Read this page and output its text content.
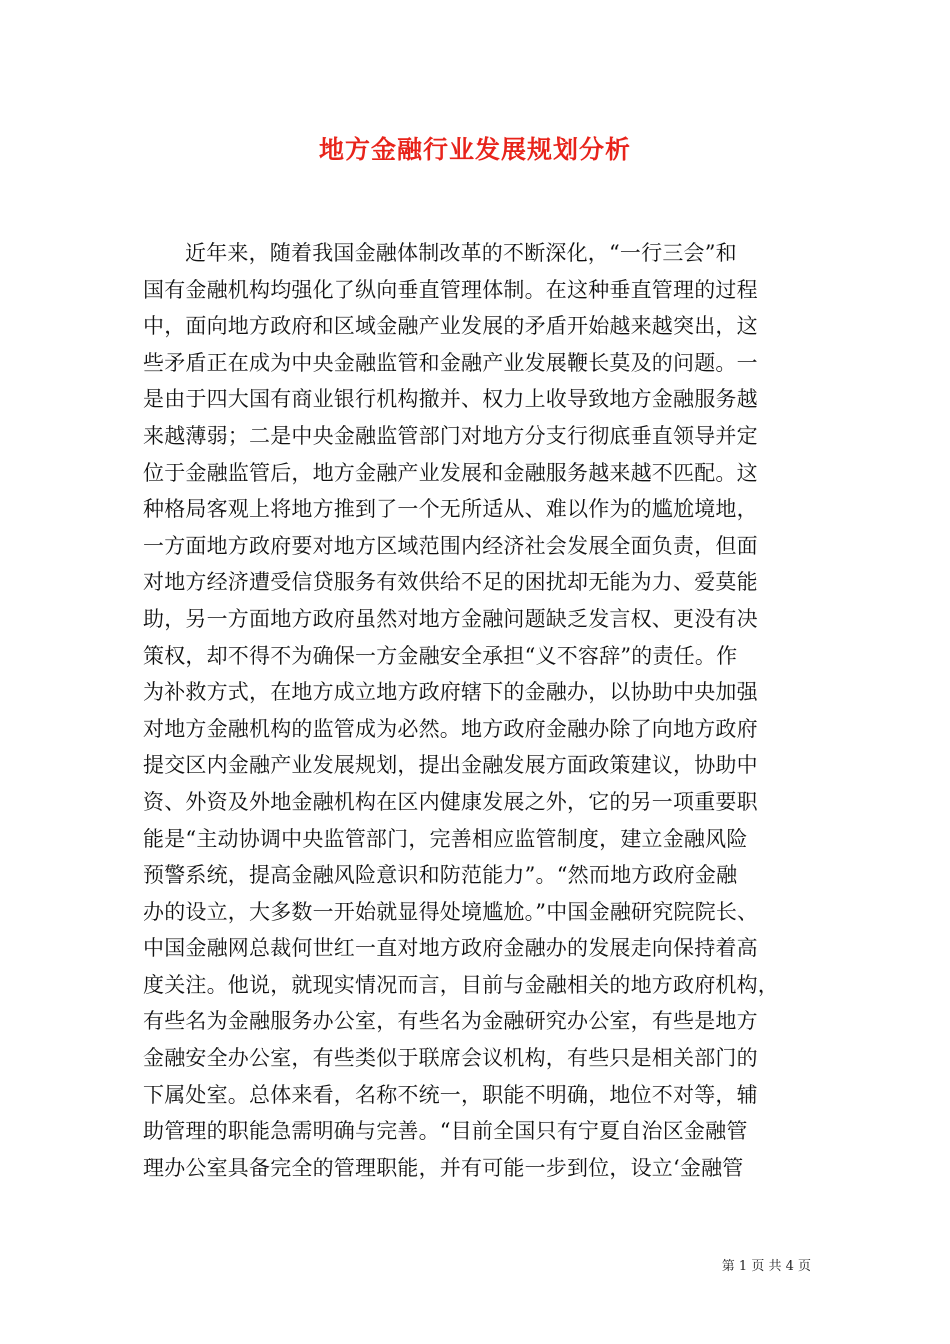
地方金融行业发展规划分析
近年来，随着我国金融体制改革的不断深化，“一行三会”和
国有金融机构均强化了纵向垂直管理体制。在这种垂直管理的过程
中，面向地方政府和区域金融产业发展的矛盾开始越来越突出，这
些矛盾正在成为中央金融监管和金融产业发展鞭长莫及的问题。一
是由于四大国有商业银行机构撤并、权力上收导致地方金融服务越
来越薄弱；二是中央金融监管部门对地方分支行彻底垂直领导并定
位于金融监管后，地方金融产业发展和金融服务越来越不匹配。这
种格局客观上将地方推到了一个无所适从、难以作为的尴尬境地，
一方面地方政府要对地方区域范围内经济社会发展全面负责，但面
对地方经济遭受信贷服务有效供给不足的困扰却无能为力、爱莫能
助，另一方面地方政府虽然对地方金融问题缺乏发言权、更没有决
策权，却不得不为确保一方金融安全承担“义不容辞”的责任。作
为补救方式，在地方成立地方政府辖下的金融办，以协助中央加强
对地方金融机构的监管成为必然。地方政府金融办除了向地方政府
提交区内金融产业发展规划，提出金融发展方面政策建议，协助中
资、外资及外地金融机构在区内健康发展之外，它的另一项重要职
能是“主动协调中央监管部门，完善相应监管制度，建立金融风险
预警系统，提高金融风险意识和防范能力”。“然而地方政府金融
办的设立，大多数一开始就显得处境尴尬。”中国金融研究院院长、
中国金融网总裁何世红一直对地方政府金融办的发展走向保持着高
度关注。他说，就现实情况而言，目前与金融相关的地方政府机构，
有些名为金融服务办公室，有些名为金融研究办公室，有些是地方
金融安全办公室，有些类似于联席会议机构，有些只是相关部门的
下属处室。总体来看，名称不统一，职能不明确，地位不对等，辅
助管理的职能急需明确与完善。“目前全国只有宁夏自治区金融管
理办公室具备完全的管理职能，并有可能一步到位，设立‘金融管
第 1 页 共 4 页
